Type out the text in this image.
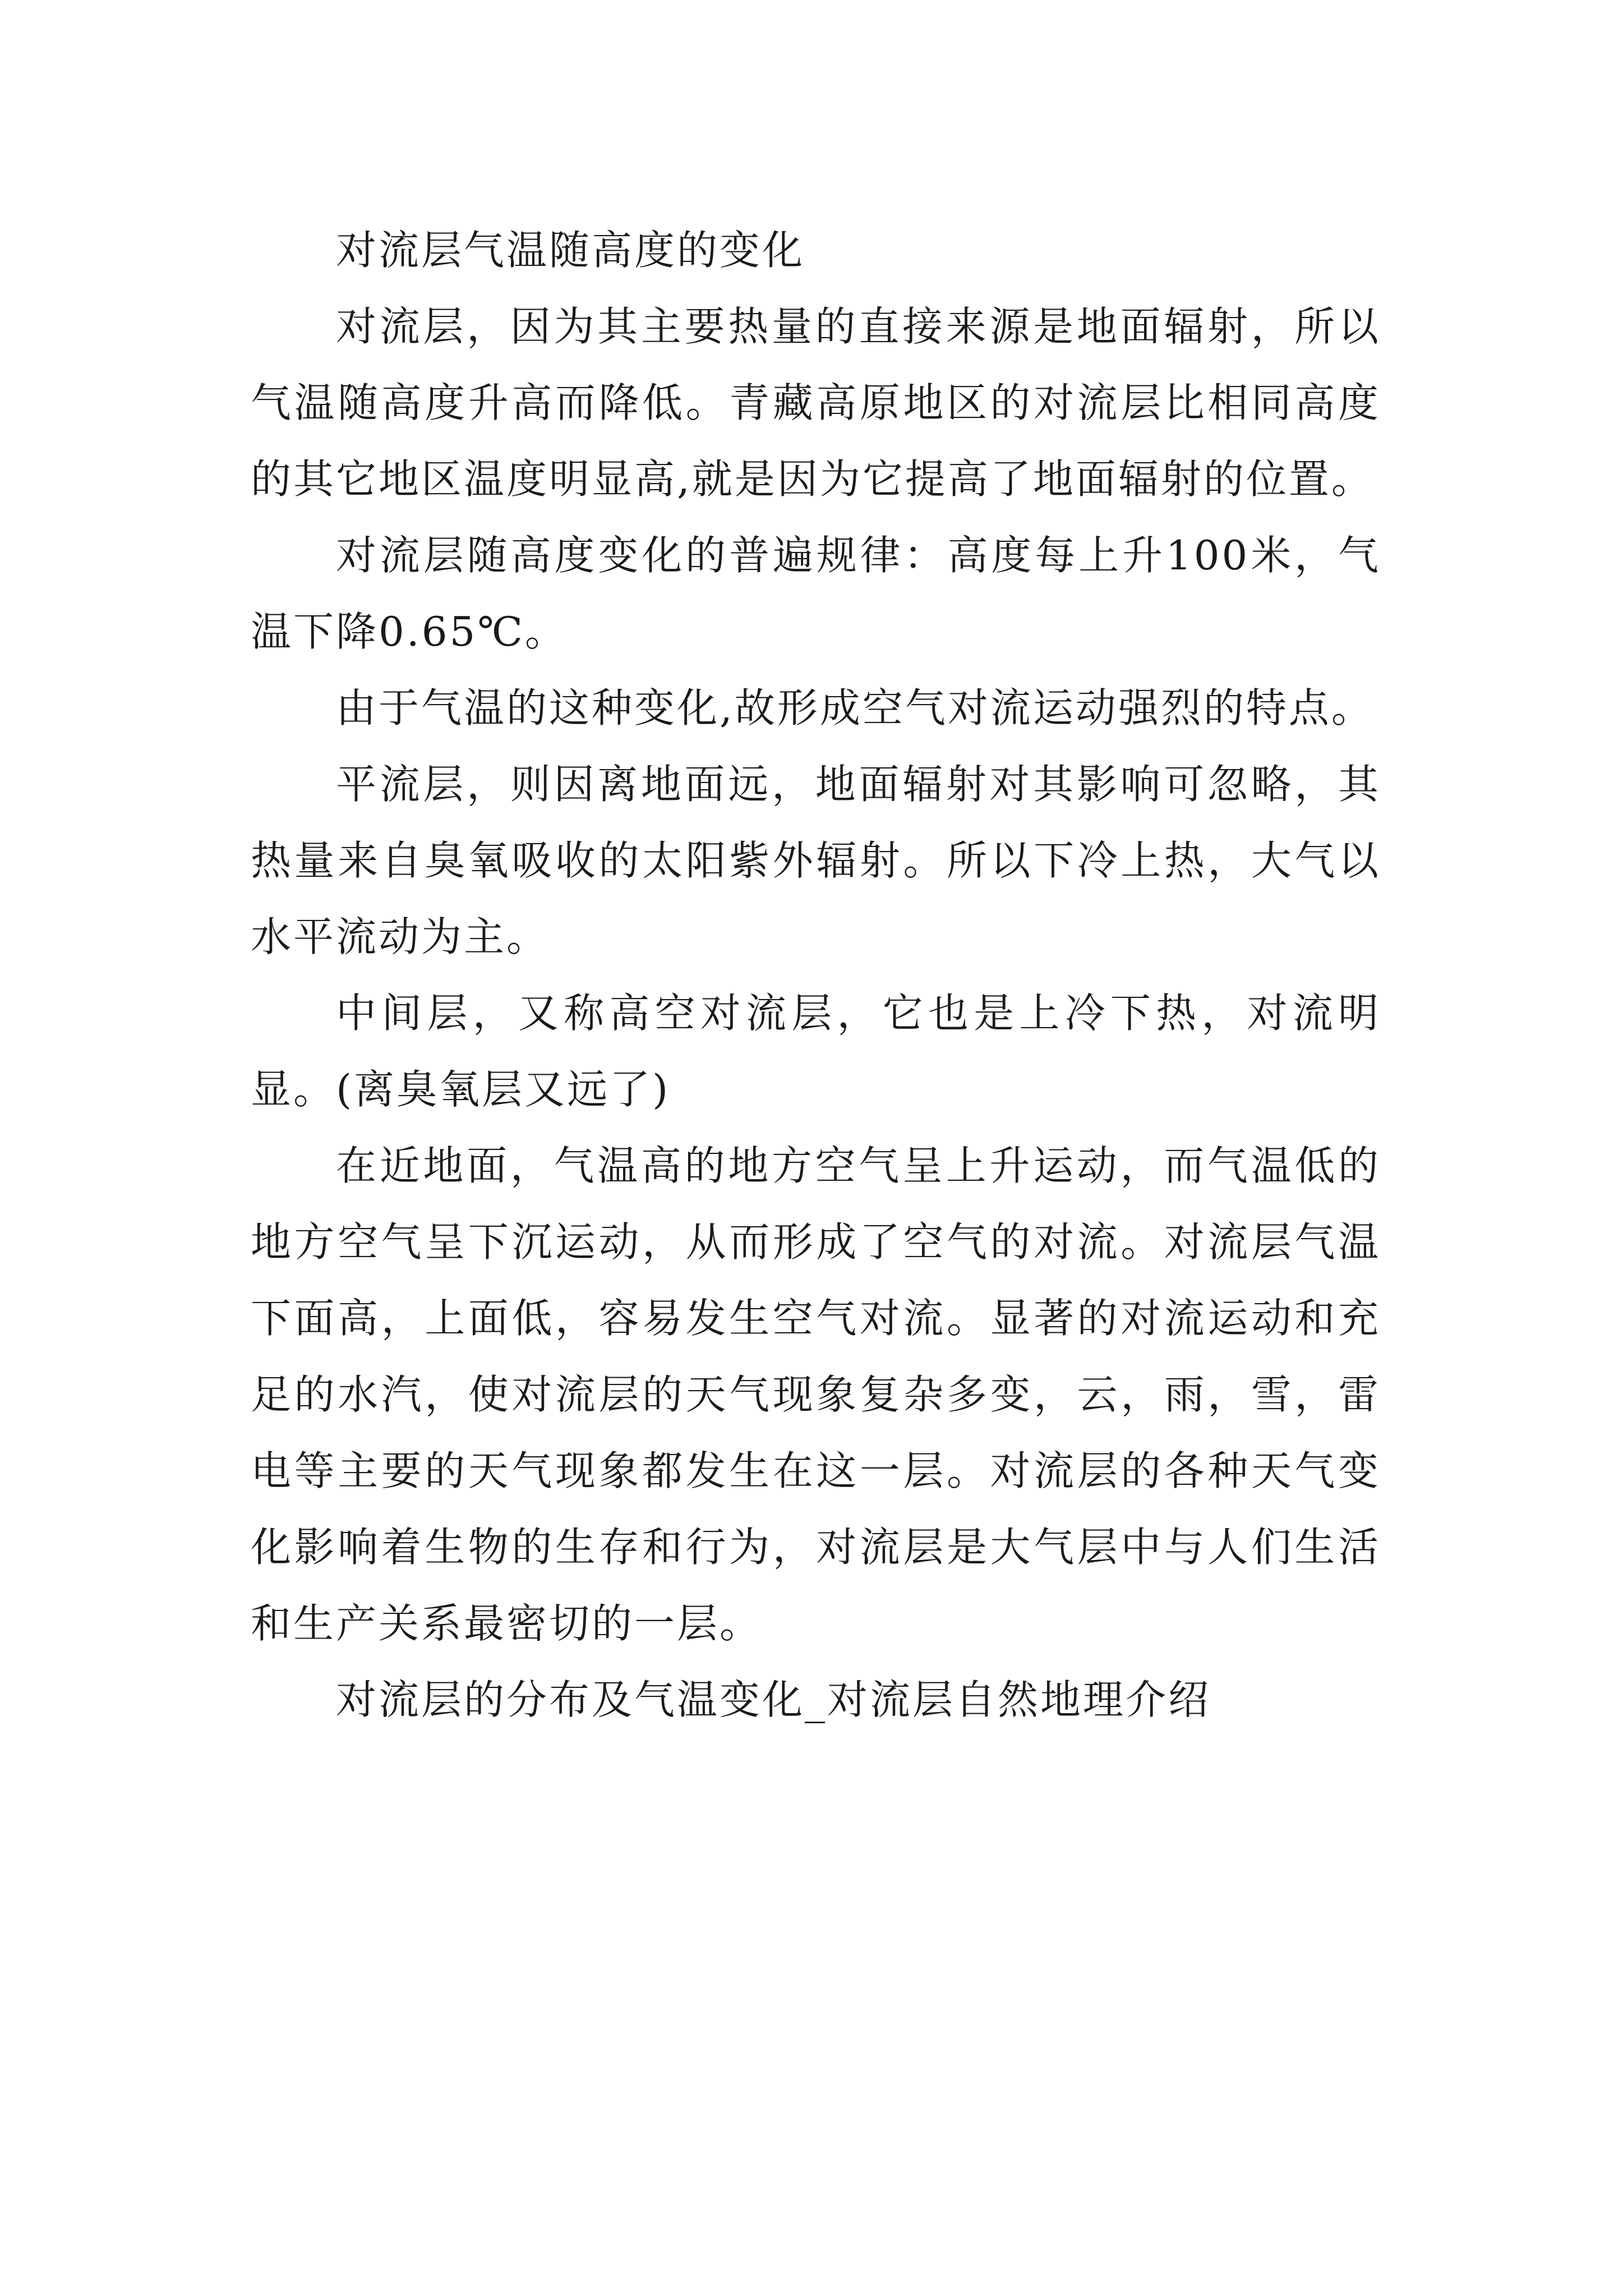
对流层气温随高度的变化

对流层，因为其主要热量的直接来源是地面辐射，所以气温随高度升高而降低。青藏高原地区的对流层比相同高度的其它地区温度明显高,就是因为它提高了地面辐射的位置。

对流层随高度变化的普遍规律：高度每上升100米，气温下降0.65℃。

由于气温的这种变化,故形成空气对流运动强烈的特点。

平流层，则因离地面远，地面辐射对其影响可忽略，其热量来自臭氧吸收的太阳紫外辐射。所以下冷上热，大气以水平流动为主。

中间层，又称高空对流层，它也是上冷下热，对流明显。(离臭氧层又远了)

在近地面，气温高的地方空气呈上升运动，而气温低的地方空气呈下沉运动，从而形成了空气的对流。对流层气温下面高，上面低，容易发生空气对流。显著的对流运动和充足的水汽，使对流层的天气现象复杂多变，云，雨，雪，雷电等主要的天气现象都发生在这一层。对流层的各种天气变化影响着生物的生存和行为，对流层是大气层中与人们生活和生产关系最密切的一层。

对流层的分布及气温变化_对流层自然地理介绍
